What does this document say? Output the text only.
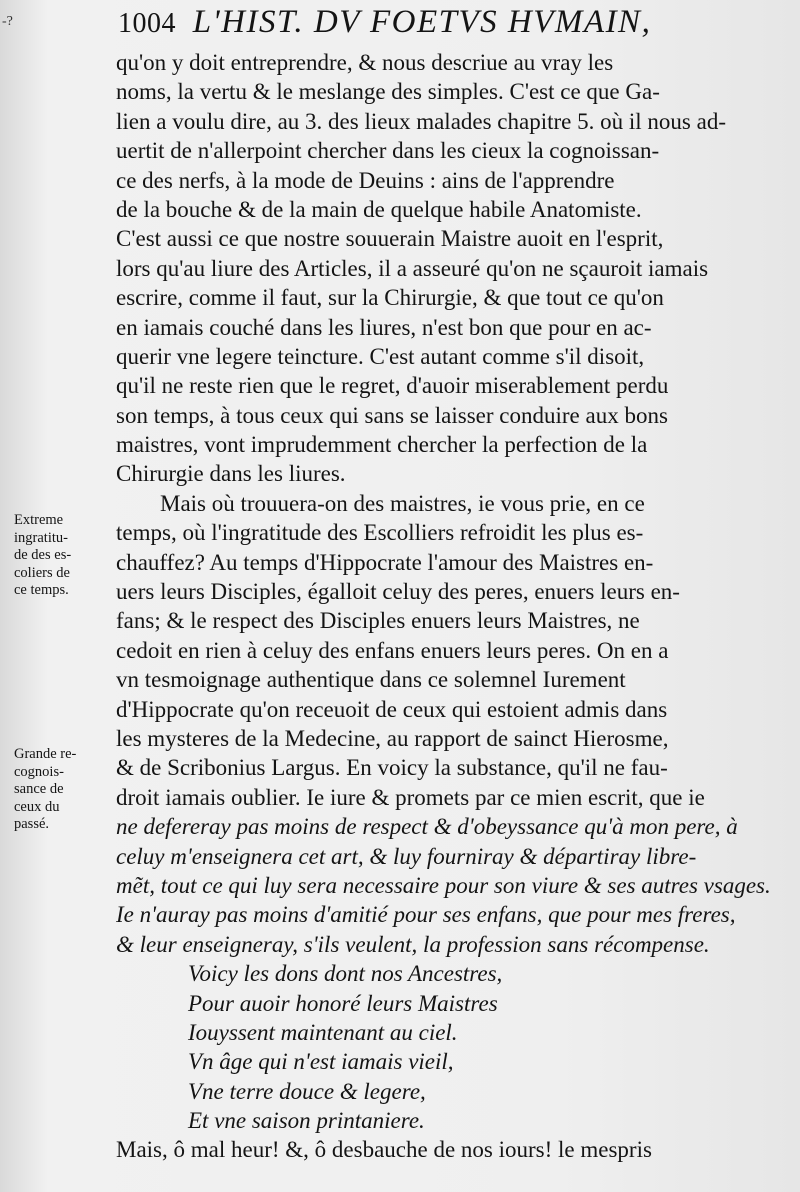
-?	1004 L'HIST. DV FOETVS HVMAIN,
qu'on y doit entreprendre, & nous descriue au vray les
noms, la vertu & le meslange des simples. C'est ce que Ga-
lien a voulu dire, au 3. des lieux malades chapitre 5. où il nous ad-
uertit de n'allerpoint chercher dans les cieux la cognoissan-
ce des nerfs, à la mode de Deuins : ains de l'apprendre
de la bouche & de la main de quelque habile Anatomiste.
C'est aussi ce que nostre souuerain Maistre auoit en l'esprit,
lors qu'au liure des Articles, il a asseuré qu'on ne sçauroit iamais
escrire, comme il faut, sur la Chirurgie, & que tout ce qu'on
en iamais couché dans les liures, n'est bon que pour en ac-
querir vne legere teincture. C'est autant comme s'il disoit,
qu'il ne reste rien que le regret, d'auoir miserablement perdu
son temps, à tous ceux qui sans se laisser conduire aux bons
maistres, vont imprudemment chercher la perfection de la
Chirurgie dans les liures.
Mais où trouuera-on des maistres, ie vous prie, en ce
temps, où l'ingratitude des Escolliers refroidit les plus es-
chauffez? Au temps d'Hippocrate l'amour des Maistres en-
uers leurs Disciples, égalloit celuy des peres, enuers leurs en-
fans; & le respect des Disciples enuers leurs Maistres, ne
cedoit en rien à celuy des enfans enuers leurs peres. On en a
vn tesmoignage authentique dans ce solemnel Iurement
d'Hippocrate qu'on receuoit de ceux qui estoient admis dans
les mysteres de la Medecine, au rapport de sainct Hierosme,
& de Scribonius Largus. En voicy la substance, qu'il ne fau-
droit iamais oublier. Ie iure & promets par ce mien escrit, que ie
ne defereray pas moins de respect & d'obeyssance qu'à mon pere, à
celuy m'enseignera cet art, & luy fourniray & départiray libre-
mẽt, tout ce qui luy sera necessaire pour son viure & ses autres vsages.
Ie n'auray pas moins d'amitié pour ses enfans, que pour mes freres,
& leur enseigneray, s'ils veulent, la profession sans récompense.
Voicy les dons dont nos Ancestres,
Pour auoir honoré leurs Maistres
Iouyssent maintenant au ciel.
Vn âge qui n'est iamais vieil,
Vne terre douce & legere,
Et vne saison printaniere.
Mais, ô mal heur! &, ô desbauche de nos iours! le mespris
Extreme
ingratitu-
de des es-
coliers de
ce temps.
Grande re-
cognois-
sance de
ceux du
passé.
